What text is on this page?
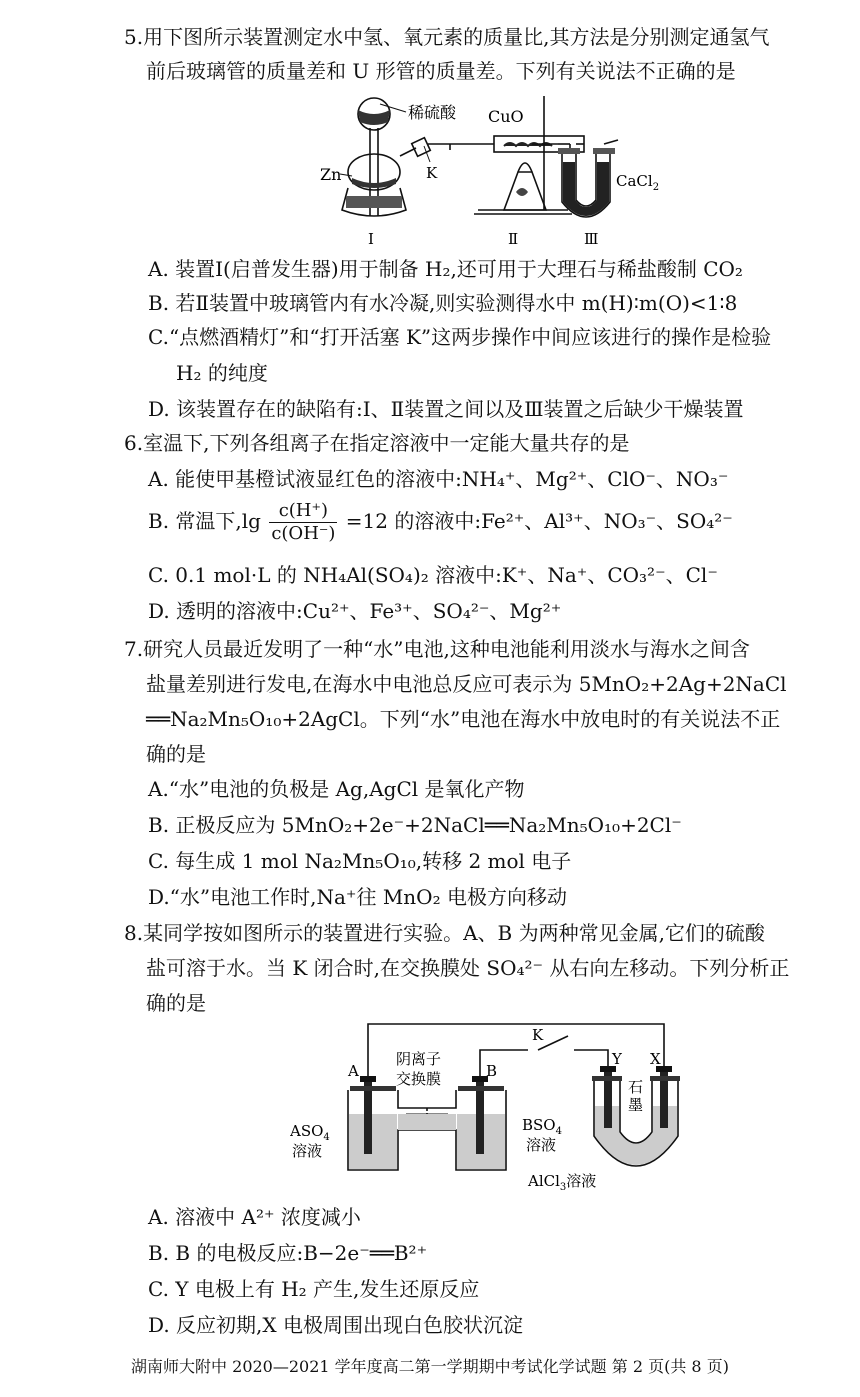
5.用下图所示装置测定水中氢、氧元素的质量比,其方法是分别测定通氢气
前后玻璃管的质量差和 U 形管的质量差。下列有关说法不正确的是
稀硫酸
Zn	K
CuO
CaCl$_2$
Ⅰ	Ⅱ	Ⅲ
A. 装置Ⅰ(启普发生器)用于制备 H₂,还可用于大理石与稀盐酸制 CO₂
B. 若Ⅱ装置中玻璃管内有水冷凝,则实验测得水中 m(H)∶m(O)<1∶8
C.“点燃酒精灯”和“打开活塞 K”这两步操作中间应该进行的操作是检验
H₂ 的纯度
D. 该装置存在的缺陷有:Ⅰ、Ⅱ装置之间以及Ⅲ装置之后缺少干燥装置
6.室温下,下列各组离子在指定溶液中一定能大量共存的是
A. 能使甲基橙试液显红色的溶液中:NH₄⁺、Mg²⁺、ClO⁻、NO₃⁻
B. 常温下$,\lg \frac{c(H^+)}{c(OH^-)} =12$ 的溶液中:Fe²⁺、Al³⁺、NO₃⁻、SO₄²⁻
C. 0.1 mol·L 的 NH₄Al(SO₄)₂ 溶液中:K⁺、Na⁺、CO₃²⁻、Cl⁻
D. 透明的溶液中:Cu²⁺、Fe³⁺、SO₄²⁻、Mg²⁺
7.研究人员最近发明了一种“水”电池,这种电池能利用淡水与海水之间含
盐量差别进行发电,在海水中电池总反应可表示为 5MnO₂+2Ag+2NaCl
══Na₂Mn₅O₁₀+2AgCl。下列“水”电池在海水中放电时的有关说法不正
确的是
A.“水”电池的负极是 Ag,AgCl 是氧化产物
B. 正极反应为 5MnO₂+2e⁻+2NaCl══Na₂Mn₅O₁₀+2Cl⁻
C. 每生成 1 mol Na₂Mn₅O₁₀,转移 2 mol 电子
D.“水”电池工作时,Na⁺往 MnO₂ 电极方向移动
8.某同学按如图所示的装置进行实验。A、B 为两种常见金属,它们的硫酸
盐可溶于水。当 K 闭合时,在交换膜处 SO₄²⁻ 从右向左移动。下列分析正
确的是
A	B
K
Y X
阴离子
交换膜
$ASO_4$
溶液
$BSO_4$
溶液
石
墨
AlCl$_3$溶液
A. 溶液中 A²⁺ 浓度减小
B. B 的电极反应:B−2e⁻══B²⁺
C. Y 电极上有 H₂ 产生,发生还原反应
D. 反应初期,X 电极周围出现白色胶状沉淀
湖南师大附中 2020—2021 学年度高二第一学期期中考试化学试题 第 2 页(共 8 页)
